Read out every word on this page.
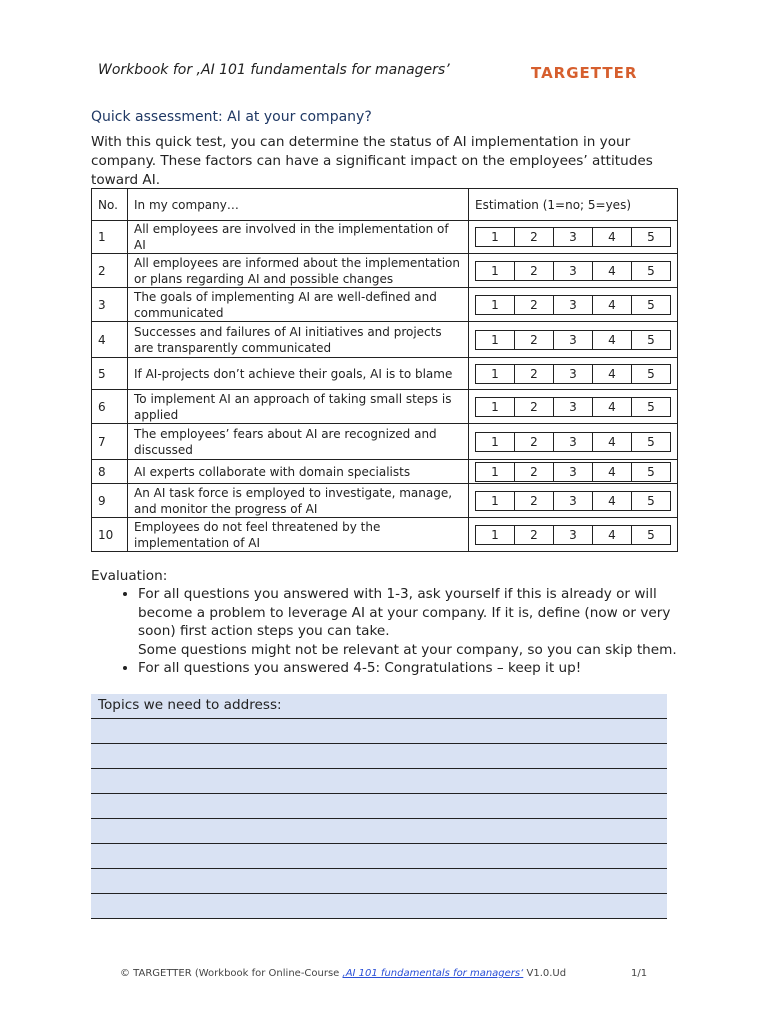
Workbook for ‚AI 101 fundamentals for managers’	TARGETTER
Quick assessment: AI at your company?
With this quick test, you can determine the status of AI implementation in your company. These factors can have a significant impact on the employees’ attitudes toward AI.
No.	In my company…	Estimation (1=no; 5=yes)
1	All employees are involved in the implementation of AI	1 2 3 4 5

2	All employees are informed about the implementation or plans regarding AI and possible changes	1 2 3 4 5

3	The goals of implementing AI are well-defined and communicated	1 2 3 4 5

4	Successes and failures of AI initiatives and projects are transparently communicated	1 2 3 4 5

5	If AI-projects don’t achieve their goals, AI is to blame	1 2 3 4 5

6	To implement AI an approach of taking small steps is applied	1 2 3 4 5

7	The employees’ fears about AI are recognized and discussed	1 2 3 4 5

8	AI experts collaborate with domain specialists	1 2 3 4 5

9	An AI task force is employed to investigate, manage, and monitor the progress of AI	1 2 3 4 5

10	Employees do not feel threatened by the implementation of AI	1 2 3 4 5
Evaluation:
• For all questions you answered with 1-3, ask yourself if this is already or will become a problem to leverage AI at your company. If it is, define (now or very soon) first action steps you can take.
Some questions might not be relevant at your company, so you can skip them.
• For all questions you answered 4-5: Congratulations – keep it up!
Topics we need to address:
© TARGETTER (Workbook for Online-Course ‚AI 101 fundamentals for managers‘ V1.0.Ud	1/1
